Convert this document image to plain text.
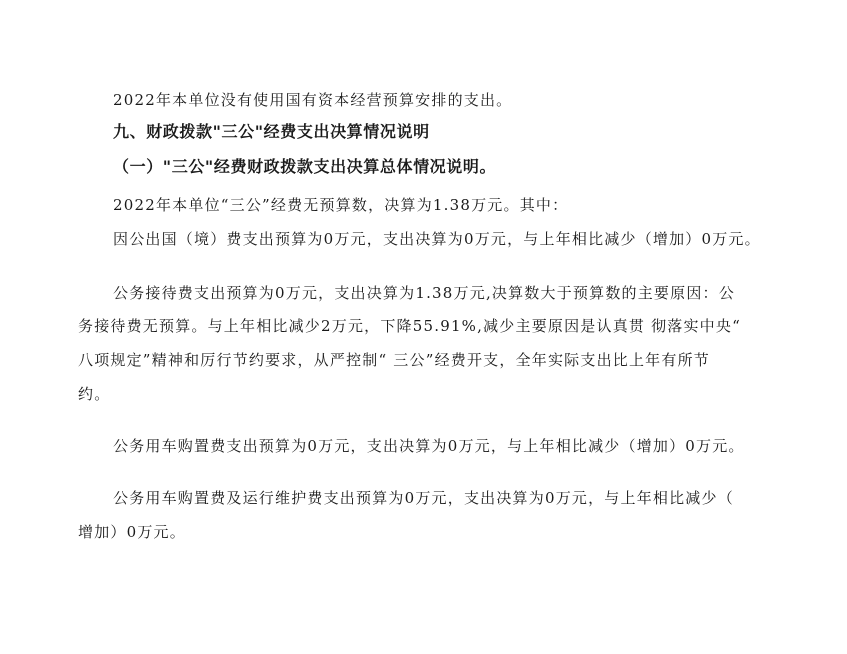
2022年本单位没有使用国有资本经营预算安排的支出。
九、财政拨款"三公"经费支出决算情况说明
（一）"三公"经费财政拨款支出决算总体情况说明。
2022年本单位“三公”经费无预算数，决算为1.38万元。其中：
因公出国（境）费支出预算为0万元，支出决算为0万元，与上年相比减少（增加）0万元。
公务接待费支出预算为0万元，支出决算为1.38万元,决算数大于预算数的主要原因：公
务接待费无预算。与上年相比减少2万元，下降55.91%,减少主要原因是认真贯 彻落实中央“
八项规定”精神和厉行节约要求，从严控制“ 三公”经费开支，全年实际支出比上年有所节
约。
公务用车购置费支出预算为0万元，支出决算为0万元，与上年相比减少（增加）0万元。
公务用车购置费及运行维护费支出预算为0万元，支出决算为0万元，与上年相比减少（
增加）0万元。
